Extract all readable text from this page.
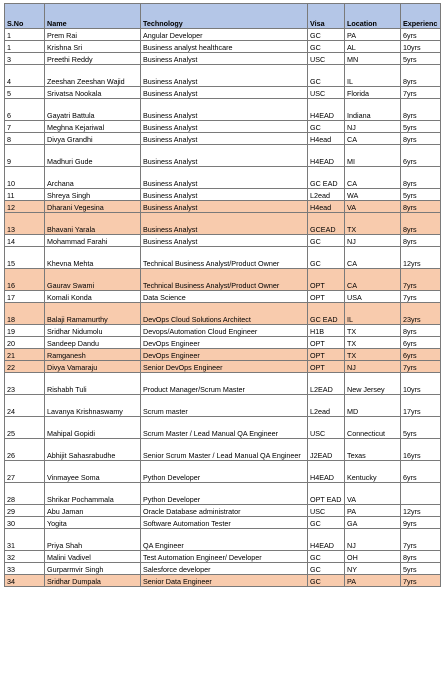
S.No	Name	Technology	Visa	Location	Experienc
1	Prem Rai	Angular Developer	GC	PA	6yrs
1	Krishna Sri	Business analyst healthcare	GC	AL	10yrs
3	Preethi Reddy	Business Analyst	USC	MN	5yrs
4	Zeeshan Zeeshan Wajid	Business Analyst	GC	IL	8yrs
5	Srivatsa Nookala	Business Analyst	USC	Florida	7yrs
6	Gayatri Battula	Business Analyst	H4EAD	Indiana	8yrs
7	Meghna Kejariwal	Business Analyst	GC	NJ	5yrs
8	Divya Grandhi	Business Analyst	H4ead	CA	8yrs
9	Madhuri Gude	Business Analyst	H4EAD	MI	6yrs
10	Archana	Business Analyst	GC EAD	CA	8yrs
11	Shreya Singh	Business Analyst	L2ead	WA	5yrs
12	Dharani Vegesina	Business Analyst	H4ead	VA	8yrs
13	Bhavani Yarala	Business Analyst	GCEAD	TX	8yrs
14	Mohammad Farahi	Business Analyst	GC	NJ	8yrs
15	Khevna Mehta	Technical Business Analyst/Product Owner	GC	CA	12yrs
16	Gaurav Swami	Technical Business Analyst/Product Owner	OPT	CA	7yrs
17	Komali Konda	Data Science	OPT	USA	7yrs
18	Balaji Ramamurthy	DevOps Cloud Solutions Architect	GC EAD	IL	23yrs
19	Sridhar Nidumolu	Devops/Automation Cloud Engineer	H1B	TX	8yrs
20	Sandeep Dandu	DevOps Engineer	OPT	TX	6yrs
21	Ramganesh	DevOps Engineer	OPT	TX	6yrs
22	Divya Vamaraju	Senior DevOps Engineer	OPT	NJ	7yrs
23	Rishabh Tuli	Product Manager/Scrum Master	L2EAD	New Jersey	10yrs
24	Lavanya Krishnaswamy	Scrum master	L2ead	MD	17yrs
25	Mahipal Gopidi	Scrum Master / Lead Manual QA Engineer	USC	Connecticut	5yrs
26	Abhijit Sahasrabudhe	Senior Scrum Master / Lead Manual QA Engineer	J2EAD	Texas	16yrs
27	Vinmayee Soma	Python Developer	H4EAD	Kentucky	6yrs
28	Shrikar Pochammala	Python Developer	OPT EAD	VA	
29	Abu Jaman	Oracle Database administrator	USC	PA	12yrs
30	Yogita	Software Automation Tester	GC	GA	9yrs
31	Priya Shah	QA Engineer	H4EAD	NJ	7yrs
32	Malini Vadivel	Test Automation Engineer/ Developer	GC	OH	8yrs
33	Gurparmvir Singh	Salesforce developer	GC	NY	5yrs
34	Sridhar Dumpala	Senior Data Engineer	GC	PA	7yrs
